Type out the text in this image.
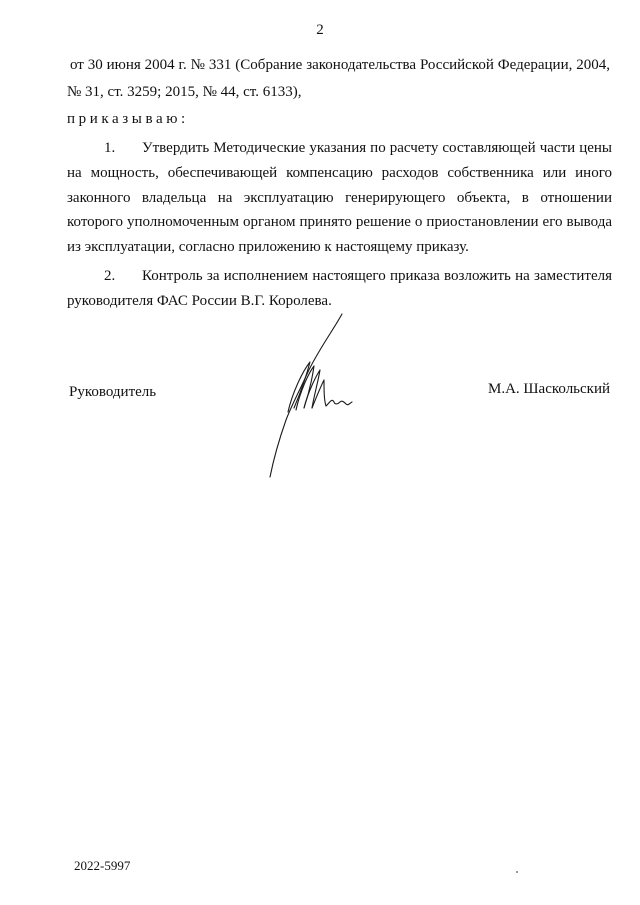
2
от 30 июня 2004 г. № 331 (Собрание законодательства Российской Федерации, 2004,
№ 31, ст. 3259; 2015, № 44, ст. 6133),
приказываю:
1. Утвердить Методические указания по расчету составляющей части цены
на мощность, обеспечивающей компенсацию расходов собственника или иного
законного владельца на эксплуатацию генерирующего объекта, в отношении
которого уполномоченным органом принято решение о приостановлении его вывода
из эксплуатации, согласно приложению к настоящему приказу.
2. Контроль за исполнением настоящего приказа возложить на заместителя
руководителя ФАС России В.Г. Королева.
Руководитель	М.А. Шаскольский
2022-5997
